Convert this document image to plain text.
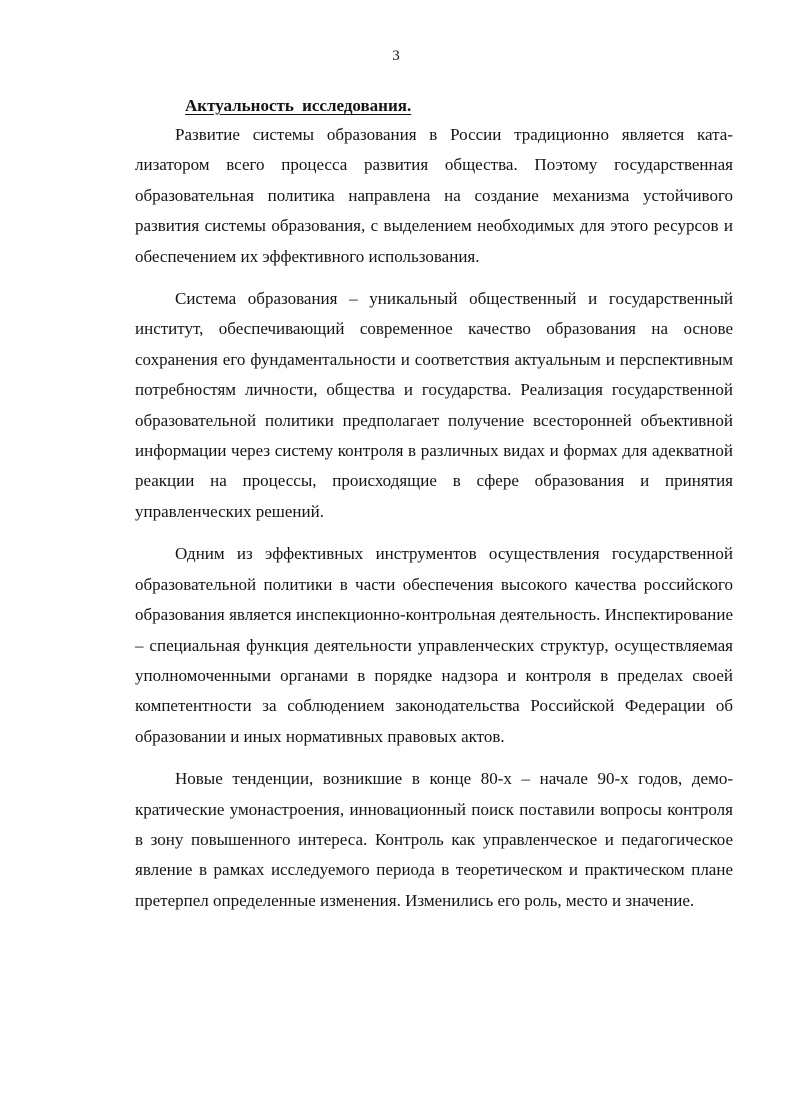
3
Актуальность исследования.

Развитие системы образования в России традиционно является катализатором всего процесса развития общества. Поэтому государственная образовательная политика направлена на создание механизма устойчивого развития системы образования, с выделением необходимых для этого ресурсов и обеспечением их эффективного использования.

Система образования – уникальный общественный и государственный институт, обеспечивающий современное качество образования на основе сохранения его фундаментальности и соответствия актуальным и перспективным потребностям личности, общества и государства. Реализация государственной образовательной политики предполагает получение всесторонней объективной информации через систему контроля в различных видах и формах для адекватной реакции на процессы, происходящие в сфере образования и принятия управленческих решений.

Одним из эффективных инструментов осуществления государственной образовательной политики в части обеспечения высокого качества российского образования является инспекционно-контрольная деятельность. Инспектирование – специальная функция деятельности управленческих структур, осуществляемая уполномоченными органами в порядке надзора и контроля в пределах своей компетентности за соблюдением законодательства Российской Федерации об образовании и иных нормативных правовых актов.

Новые тенденции, возникшие в конце 80-х – начале 90-х годов, демократические умонастроения, инновационный поиск поставили вопросы контроля в зону повышенного интереса. Контроль как управленческое и педагогическое явление в рамках исследуемого периода в теоретическом и практическом плане претерпел определенные изменения. Изменились его роль, место и значение.
